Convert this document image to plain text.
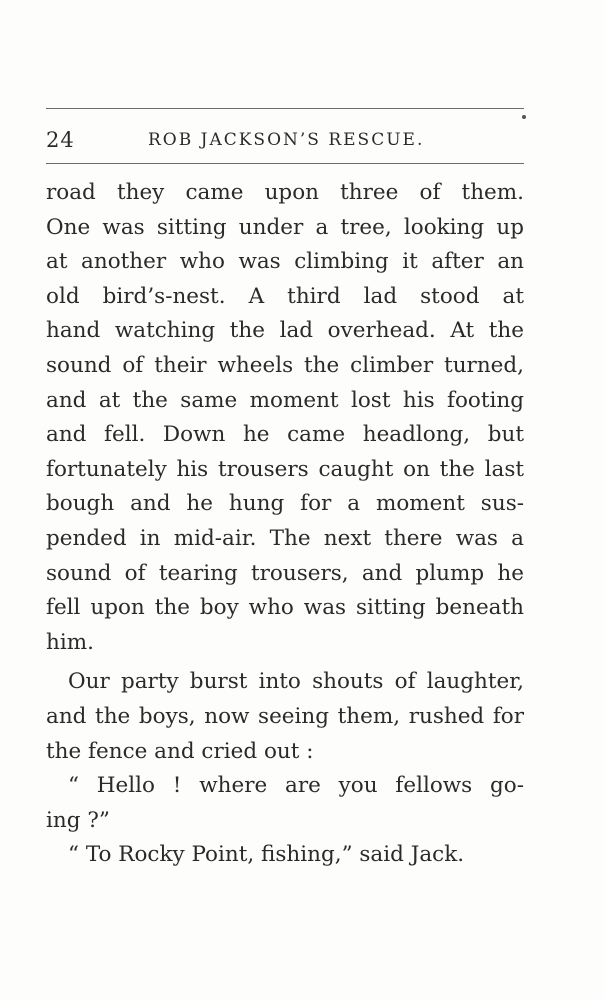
24	ROB JACKSON’S RESCUE.
road they came upon three of them.
One was sitting under a tree, looking up
at another who was climbing it after an
old bird’s-nest. A third lad stood at
hand watching the lad overhead. At the
sound of their wheels the climber turned,
and at the same moment lost his footing
and fell. Down he came headlong, but
fortunately his trousers caught on the last
bough and he hung for a moment sus-
pended in mid-air. The next there was a
sound of tearing trousers, and plump he
fell upon the boy who was sitting beneath
him.
Our party burst into shouts of laughter,
and the boys, now seeing them, rushed for
the fence and cried out :
“ Hello ! where are you fellows go-
ing ?”
“ To Rocky Point, fishing,” said Jack.
